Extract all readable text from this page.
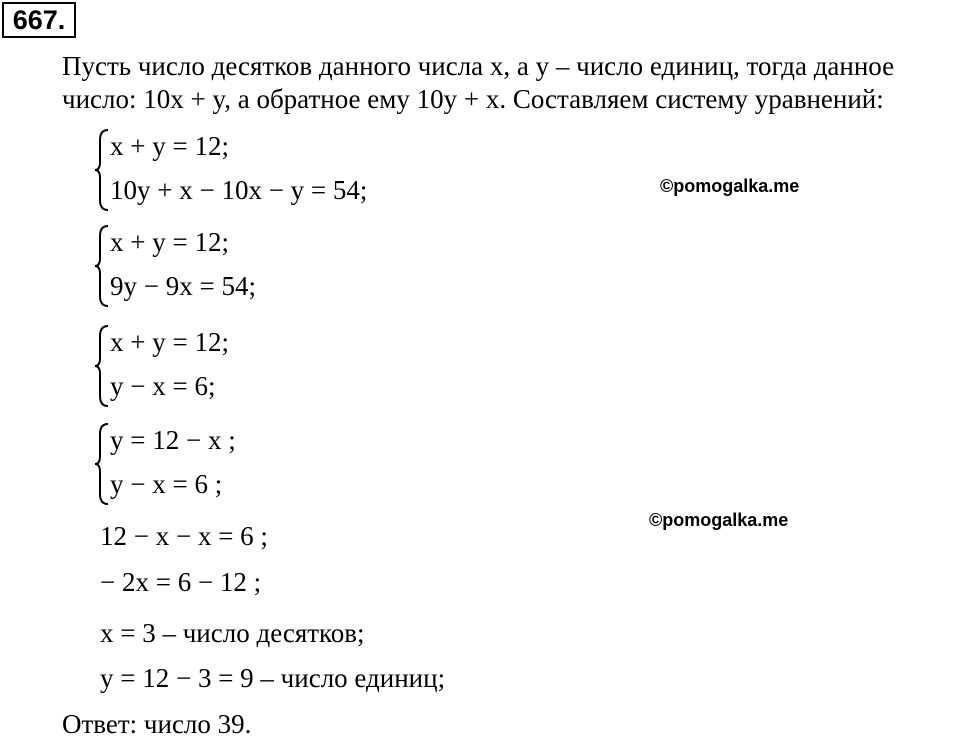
667.
Пусть число десятков данного числа x, а y – число единиц, тогда данное
число: 10x + y, а обратное ему 10y + x. Составляем системy уравнений:
x + y = 12;
10y + x − 10x − y = 54;	©pomogalka.me
x + y = 12;
9y − 9x = 54;
x + y = 12;
y − x = 6;
y = 12 − x ;
y − x = 6 ;
©pomogalka.me
12 − x − x = 6 ;
− 2x = 6 − 12 ;
x = 3 – число десятков;
y = 12 − 3 = 9 – число единиц;
Ответ: число 39.
